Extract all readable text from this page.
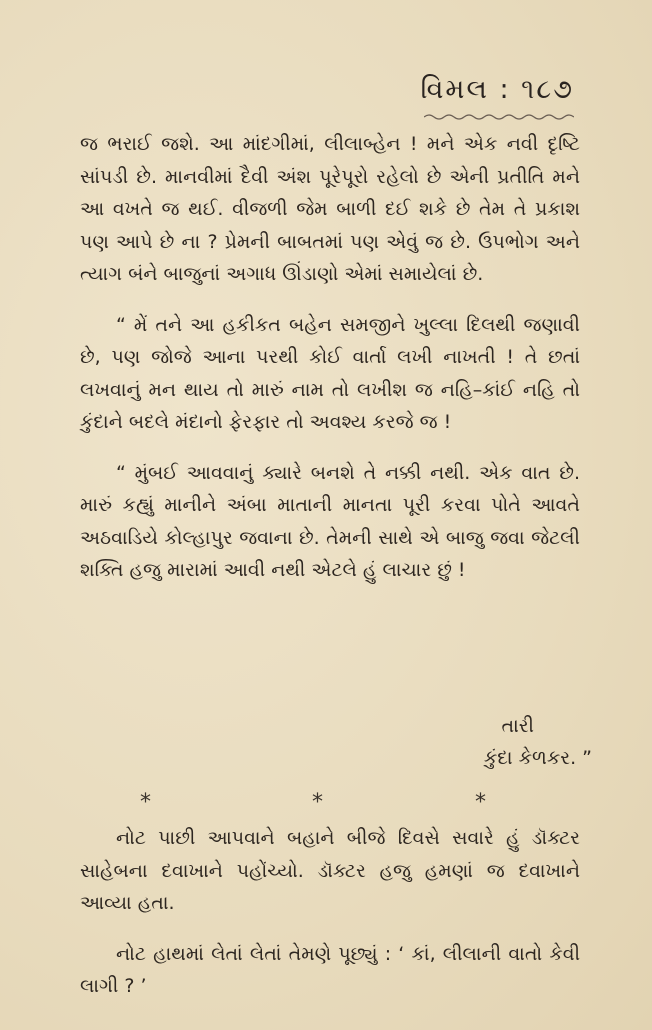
વિમલ : ૧૮૭

જ ભરાઈ જશે. આ માંદગીમાં, લીલાબ્હેન ! મને એક નવી દૃષ્ટિ સાંપડી છે. માનવીમાં દૈવી અંશ પૂરેપૂરો રહેલો છે એની પ્રતીતિ મને આ વખતે જ થઈ. વીજળી જેમ બાળી દઈ શકે છે તેમ તે પ્રકાશ પણ આપે છે ના ? પ્રેમની બાબતમાં પણ એવું જ છે. ઉપભોગ અને ત્યાગ બંને બાજુનાં અગાધ ઊંડાણો એમાં સમાયેલાં છે.

“ મેં તને આ હકીકત બહેન સમજીને ખુલ્લા દિલથી જણાવી છે, પણ જોજે આના પરથી કોઈ વાર્તા લખી નાખતી ! તે છતાં લખવાનું મન થાય તો મારું નામ તો લખીશ જ નહિ–કાંઈ નહિ તો કુંદાને બદલે મંદાનો ફેરફાર તો અવશ્ય કરજે જ !

“ મુંબઈ આવવાનું ક્યારે બનશે તે નક્કી નથી. એક વાત છે. મારું કહ્યું માનીને અંબા માતાની માનતા પૂરી કરવા પોતે આવતે અઠવાડિયે કોલ્હાપુર જવાના છે. તેમની સાથે એ બાજુ જવા જેટલી શક્તિ હજુ મારામાં આવી નથી એટલે હું લાચાર છું !

તારી
કુંદા કેળકર. ”
*	*	*

નોટ પાછી આપવાને બહાને બીજે દિવસે સવારે હું ડૉક્ટર સાહેબના દવાખાને પહોંચ્યો. ડૉક્ટર હજુ હમણાં જ દવાખાને આવ્યા હતા.

નોટ હાથમાં લેતાં લેતાં તેમણે પૂછ્યું : ‘ કાં, લીલાની વાતો કેવી લાગી ? ’
